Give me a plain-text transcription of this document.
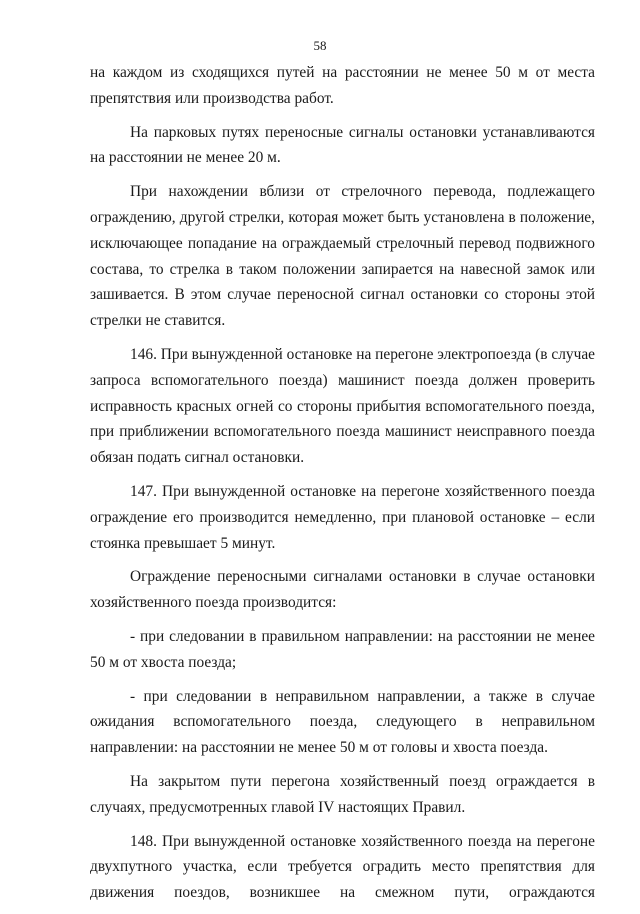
58

на каждом из сходящихся путей на расстоянии не менее 50 м от места препятствия или производства работ.

На парковых путях переносные сигналы остановки устанавливаются на расстоянии не менее 20 м.

При нахождении вблизи от стрелочного перевода, подлежащего ограждению, другой стрелки, которая может быть установлена в положение, исключающее попадание на ограждаемый стрелочный перевод подвижного состава, то стрелка в таком положении запирается на навесной замок или зашивается. В этом случае переносной сигнал остановки со стороны этой стрелки не ставится.

146. При вынужденной остановке на перегоне электропоезда (в случае запроса вспомогательного поезда) машинист поезда должен проверить исправность красных огней со стороны прибытия вспомогательного поезда, при приближении вспомогательного поезда машинист неисправного поезда обязан подать сигнал остановки.

147. При вынужденной остановке на перегоне хозяйственного поезда ограждение его производится немедленно, при плановой остановке – если стоянка превышает 5 минут.

Ограждение переносными сигналами остановки в случае остановки хозяйственного поезда производится:

- при следовании в правильном направлении: на расстоянии не менее 50 м от хвоста поезда;

- при следовании в неправильном направлении, а также в случае ожидания вспомогательного поезда, следующего в неправильном направлении: на расстоянии не менее 50 м от головы и хвоста поезда.

На закрытом пути перегона хозяйственный поезд ограждается в случаях, предусмотренных главой IV настоящих Правил.

148. При вынужденной остановке хозяйственного поезда на перегоне двухпутного участка, если требуется оградить место препятствия для движения поездов, возникшее на смежном пути, ограждаются
